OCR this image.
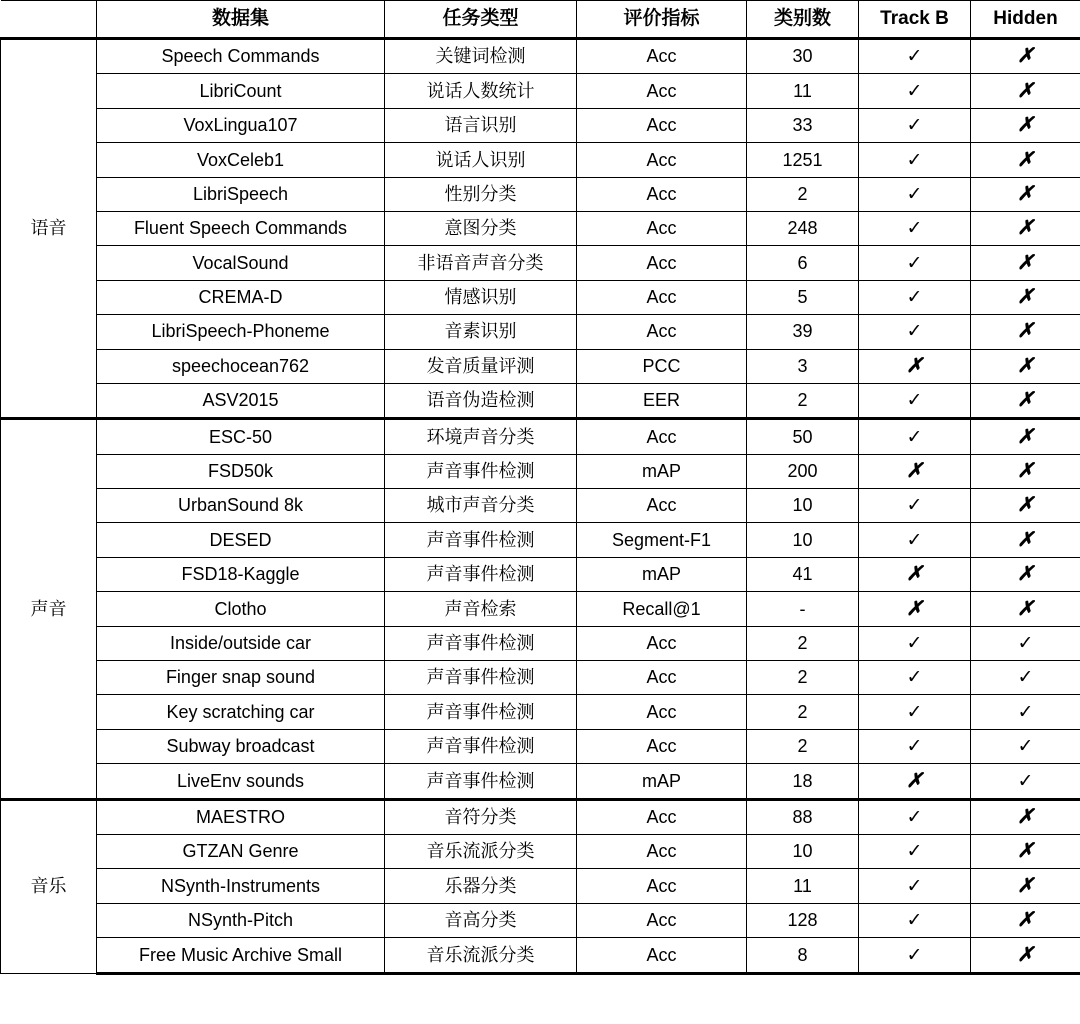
	数据集	任务类型	评价指标	类别数	Track B	Hidden
语音	Speech Commands	关键词检测	Acc	30	✓	✗
	LibriCount	说话人数统计	Acc	11	✓	✗
	VoxLingua107	语言识别	Acc	33	✓	✗
	VoxCeleb1	说话人识别	Acc	1251	✓	✗
	LibriSpeech	性别分类	Acc	2	✓	✗
	Fluent Speech Commands	意图分类	Acc	248	✓	✗
	VocalSound	非语音声音分类	Acc	6	✓	✗
	CREMA-D	情感识别	Acc	5	✓	✗
	LibriSpeech-Phoneme	音素识别	Acc	39	✓	✗
	speechocean762	发音质量评测	PCC	3	✗	✗
	ASV2015	语音伪造检测	EER	2	✓	✗
声音	ESC-50	环境声音分类	Acc	50	✓	✗
	FSD50k	声音事件检测	mAP	200	✗	✗
	UrbanSound 8k	城市声音分类	Acc	10	✓	✗
	DESED	声音事件检测	Segment-F1	10	✓	✗
	FSD18-Kaggle	声音事件检测	mAP	41	✗	✗
	Clotho	声音检索	Recall@1	-	✗	✗
	Inside/outside car	声音事件检测	Acc	2	✓	✓
	Finger snap sound	声音事件检测	Acc	2	✓	✓
	Key scratching car	声音事件检测	Acc	2	✓	✓
	Subway broadcast	声音事件检测	Acc	2	✓	✓
	LiveEnv sounds	声音事件检测	mAP	18	✗	✓
音乐	MAESTRO	音符分类	Acc	88	✓	✗
	GTZAN Genre	音乐流派分类	Acc	10	✓	✗
	NSynth-Instruments	乐器分类	Acc	11	✓	✗
	NSynth-Pitch	音高分类	Acc	128	✓	✗
	Free Music Archive Small	音乐流派分类	Acc	8	✓	✗
